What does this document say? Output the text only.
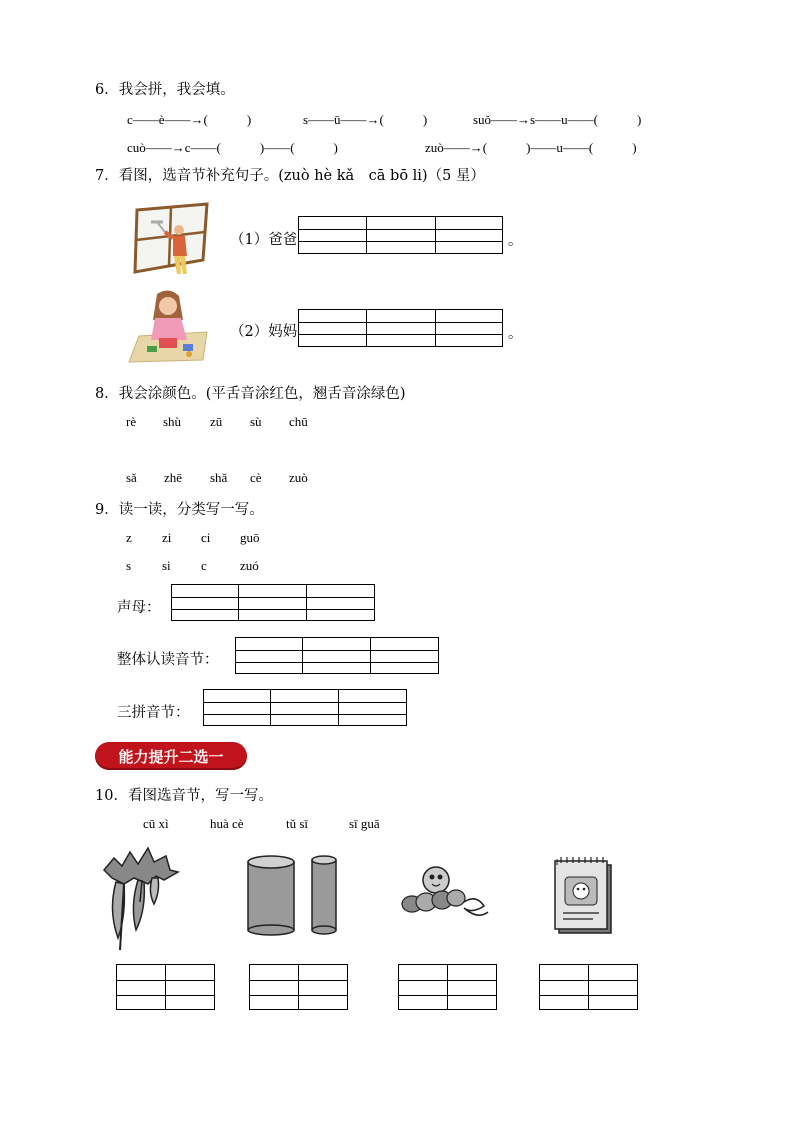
6．我会拼，我会填。
c——è——→(　　　)	s——ū——→(　　　)	suǒ——→s——u——(　　　)
cuò——→c——(　　　)——(　　　)	zuò——→(　　　)——u——(　　　)
7．看图，选音节补充句子。(zuò hè kǎ　cā bō li)（5 星）
（1）爸爸	。
（2）妈妈	。
8．我会涂颜色。(平舌音涂红色，翘舌音涂绿色)
rè shù zū sù chū
sǎ zhē shǎ cè zuò
9．读一读，分类写一写。
z zi ci guō
s si c	zuó
声母：
整体认读音节：
三拼音节：
能力提升二选一
10．看图选音节，写一写。
cū xì	huà cè	tǔ sī	sī guā
